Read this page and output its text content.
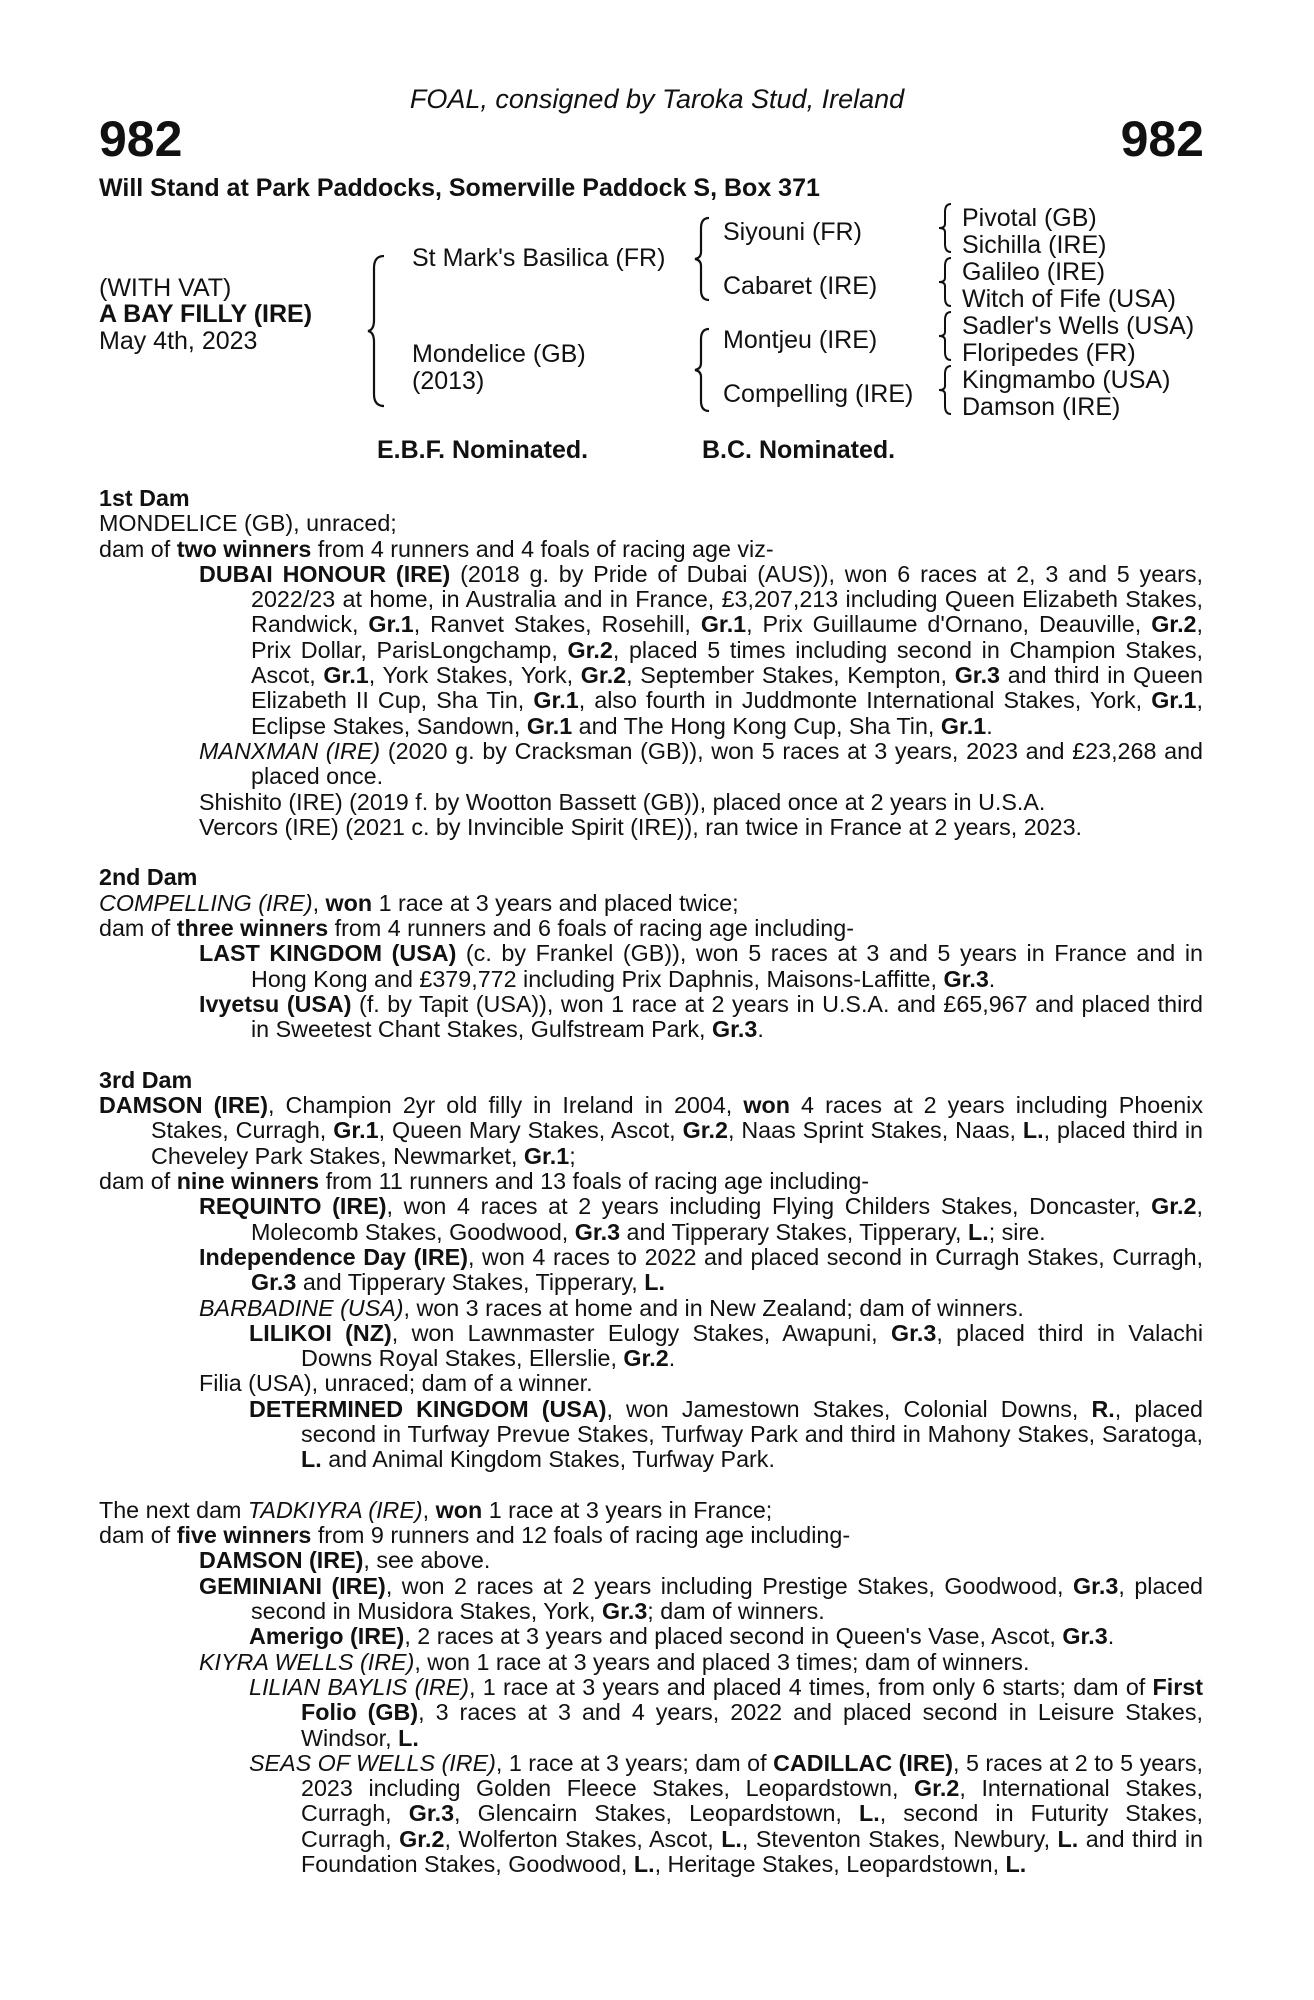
FOAL, consigned by Taroka Stud, Ireland
982	982
Will Stand at Park Paddocks, Somerville Paddock S, Box 371
(WITH VAT)
A BAY FILLY (IRE)
May 4th, 2023
St Mark's Basilica (FR)
Mondelice (GB)
(2013)
Siyouni (FR)
Cabaret (IRE)
Montjeu (IRE)
Compelling (IRE)
Pivotal (GB)
Sichilla (IRE)
Galileo (IRE)
Witch of Fife (USA)
Sadler's Wells (USA)
Floripedes (FR)
Kingmambo (USA)
Damson (IRE)
E.B.F. Nominated.	B.C. Nominated.

1st Dam

MONDELICE (GB), unraced;

dam of two winners from 4 runners and 4 foals of racing age viz-

DUBAI HONOUR (IRE) (2018 g. by Pride of Dubai (AUS)), won 6 races at 2, 3 and 5 years, 2022/23 at home, in Australia and in France, £3,207,213 including Queen Elizabeth Stakes, Randwick, Gr.1, Ranvet Stakes, Rosehill, Gr.1, Prix Guillaume d'Ornano, Deauville, Gr.2, Prix Dollar, ParisLongchamp, Gr.2, placed 5 times including second in Champion Stakes, Ascot, Gr.1, York Stakes, York, Gr.2, September Stakes, Kempton, Gr.3 and third in Queen Elizabeth II Cup, Sha Tin, Gr.1, also fourth in Juddmonte International Stakes, York, Gr.1, Eclipse Stakes, Sandown, Gr.1 and The Hong Kong Cup, Sha Tin, Gr.1.

MANXMAN (IRE) (2020 g. by Cracksman (GB)), won 5 races at 3 years, 2023 and £23,268 and placed once.

Shishito (IRE) (2019 f. by Wootton Bassett (GB)), placed once at 2 years in U.S.A.

Vercors (IRE) (2021 c. by Invincible Spirit (IRE)), ran twice in France at 2 years, 2023.

2nd Dam

COMPELLING (IRE), won 1 race at 3 years and placed twice;

dam of three winners from 4 runners and 6 foals of racing age including-

LAST KINGDOM (USA) (c. by Frankel (GB)), won 5 races at 3 and 5 years in France and in Hong Kong and £379,772 including Prix Daphnis, Maisons-Laffitte, Gr.3.

Ivyetsu (USA) (f. by Tapit (USA)), won 1 race at 2 years in U.S.A. and £65,967 and placed third in Sweetest Chant Stakes, Gulfstream Park, Gr.3.

3rd Dam

DAMSON (IRE), Champion 2yr old filly in Ireland in 2004, won 4 races at 2 years including Phoenix Stakes, Curragh, Gr.1, Queen Mary Stakes, Ascot, Gr.2, Naas Sprint Stakes, Naas, L., placed third in Cheveley Park Stakes, Newmarket, Gr.1;

dam of nine winners from 11 runners and 13 foals of racing age including-

REQUINTO (IRE), won 4 races at 2 years including Flying Childers Stakes, Doncaster, Gr.2, Molecomb Stakes, Goodwood, Gr.3 and Tipperary Stakes, Tipperary, L.; sire.

Independence Day (IRE), won 4 races to 2022 and placed second in Curragh Stakes, Curragh, Gr.3 and Tipperary Stakes, Tipperary, L.

BARBADINE (USA), won 3 races at home and in New Zealand; dam of winners.

LILIKOI (NZ), won Lawnmaster Eulogy Stakes, Awapuni, Gr.3, placed third in Valachi Downs Royal Stakes, Ellerslie, Gr.2.

Filia (USA), unraced; dam of a winner.

DETERMINED KINGDOM (USA), won Jamestown Stakes, Colonial Downs, R., placed second in Turfway Prevue Stakes, Turfway Park and third in Mahony Stakes, Saratoga, L. and Animal Kingdom Stakes, Turfway Park.

The next dam TADKIYRA (IRE), won 1 race at 3 years in France;

dam of five winners from 9 runners and 12 foals of racing age including-

DAMSON (IRE), see above.

GEMINIANI (IRE), won 2 races at 2 years including Prestige Stakes, Goodwood, Gr.3, placed second in Musidora Stakes, York, Gr.3; dam of winners.

Amerigo (IRE), 2 races at 3 years and placed second in Queen's Vase, Ascot, Gr.3.

KIYRA WELLS (IRE), won 1 race at 3 years and placed 3 times; dam of winners.

LILIAN BAYLIS (IRE), 1 race at 3 years and placed 4 times, from only 6 starts; dam of First Folio (GB), 3 races at 3 and 4 years, 2022 and placed second in Leisure Stakes, Windsor, L.

SEAS OF WELLS (IRE), 1 race at 3 years; dam of CADILLAC (IRE), 5 races at 2 to 5 years, 2023 including Golden Fleece Stakes, Leopardstown, Gr.2, International Stakes, Curragh, Gr.3, Glencairn Stakes, Leopardstown, L., second in Futurity Stakes, Curragh, Gr.2, Wolferton Stakes, Ascot, L., Steventon Stakes, Newbury, L. and third in Foundation Stakes, Goodwood, L., Heritage Stakes, Leopardstown, L.
